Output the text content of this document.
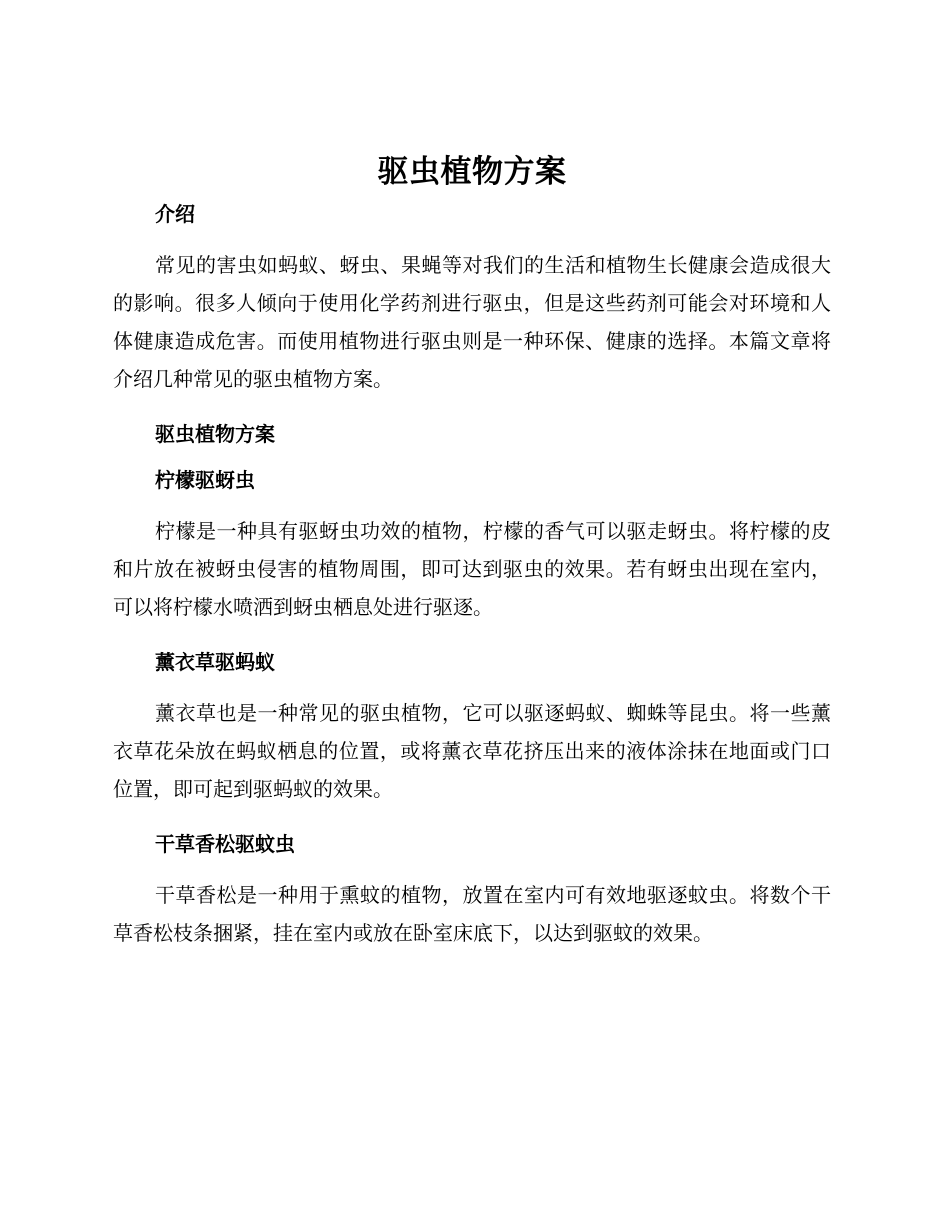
驱虫植物方案
介绍

常见的害虫如蚂蚁、蚜虫、果蝇等对我们的生活和植物生长健康会造成很大的影响。很多人倾向于使用化学药剂进行驱虫，但是这些药剂可能会对环境和人体健康造成危害。而使用植物进行驱虫则是一种环保、健康的选择。本篇文章将介绍几种常见的驱虫植物方案。

驱虫植物方案
柠檬驱蚜虫

柠檬是一种具有驱蚜虫功效的植物，柠檬的香气可以驱走蚜虫。将柠檬的皮和片放在被蚜虫侵害的植物周围，即可达到驱虫的效果。若有蚜虫出现在室内，可以将柠檬水喷洒到蚜虫栖息处进行驱逐。

薰衣草驱蚂蚁

薰衣草也是一种常见的驱虫植物，它可以驱逐蚂蚁、蜘蛛等昆虫。将一些薰衣草花朵放在蚂蚁栖息的位置，或将薰衣草花挤压出来的液体涂抹在地面或门口位置，即可起到驱蚂蚁的效果。

干草香松驱蚊虫

干草香松是一种用于熏蚊的植物，放置在室内可有效地驱逐蚊虫。将数个干草香松枝条捆紧，挂在室内或放在卧室床底下，以达到驱蚊的效果。
